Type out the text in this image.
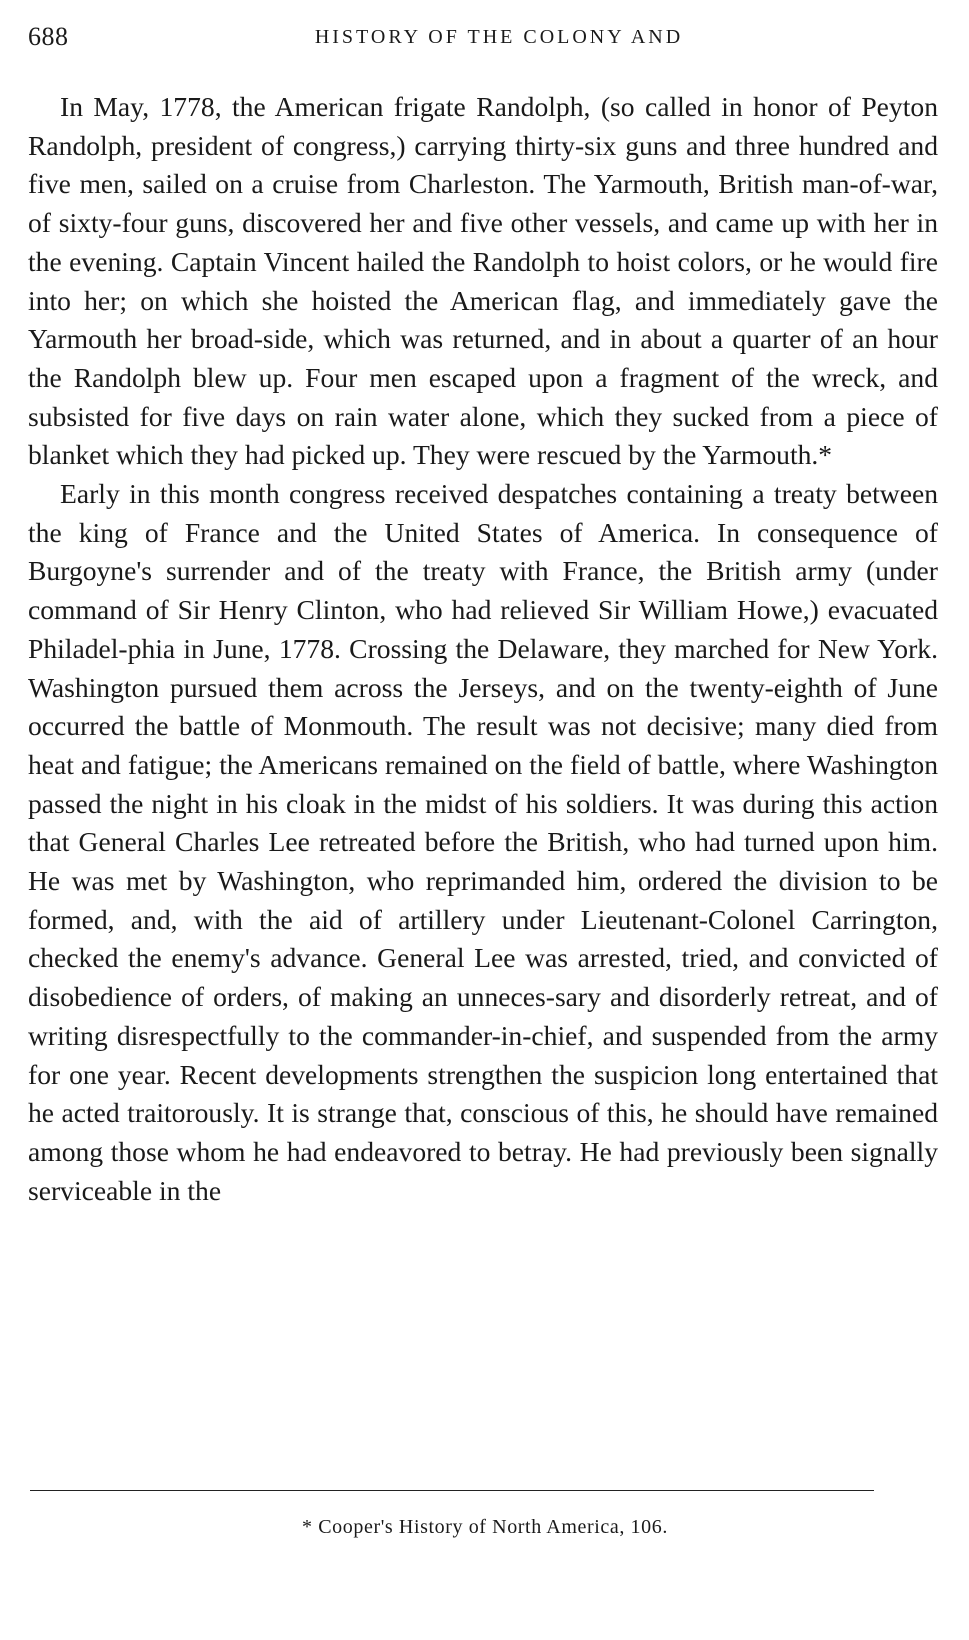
688	HISTORY OF THE COLONY AND

In May, 1778, the American frigate Randolph, (so called in honor of Peyton Randolph, president of congress,) carrying thirty-six guns and three hundred and five men, sailed on a cruise from Charleston. The Yarmouth, British man-of-war, of sixty-four guns, discovered her and five other vessels, and came up with her in the evening. Captain Vincent hailed the Randolph to hoist colors, or he would fire into her; on which she hoisted the American flag, and immediately gave the Yarmouth her broad-side, which was returned, and in about a quarter of an hour the Randolph blew up. Four men escaped upon a fragment of the wreck, and subsisted for five days on rain water alone, which they sucked from a piece of blanket which they had picked up. They were rescued by the Yarmouth.*

Early in this month congress received despatches containing a treaty between the king of France and the United States of America. In consequence of Burgoyne's surrender and of the treaty with France, the British army (under command of Sir Henry Clinton, who had relieved Sir William Howe,) evacuated Philadel-phia in June, 1778. Crossing the Delaware, they marched for New York. Washington pursued them across the Jerseys, and on the twenty-eighth of June occurred the battle of Monmouth. The result was not decisive; many died from heat and fatigue; the Americans remained on the field of battle, where Washington passed the night in his cloak in the midst of his soldiers. It was during this action that General Charles Lee retreated before the British, who had turned upon him. He was met by Washington, who reprimanded him, ordered the division to be formed, and, with the aid of artillery under Lieutenant-Colonel Carrington, checked the enemy's advance. General Lee was arrested, tried, and convicted of disobedience of orders, of making an unneces-sary and disorderly retreat, and of writing disrespectfully to the commander-in-chief, and suspended from the army for one year. Recent developments strengthen the suspicion long entertained that he acted traitorously. It is strange that, conscious of this, he should have remained among those whom he had endeavored to betray. He had previously been signally serviceable in the

* Cooper's History of North America, 106.
